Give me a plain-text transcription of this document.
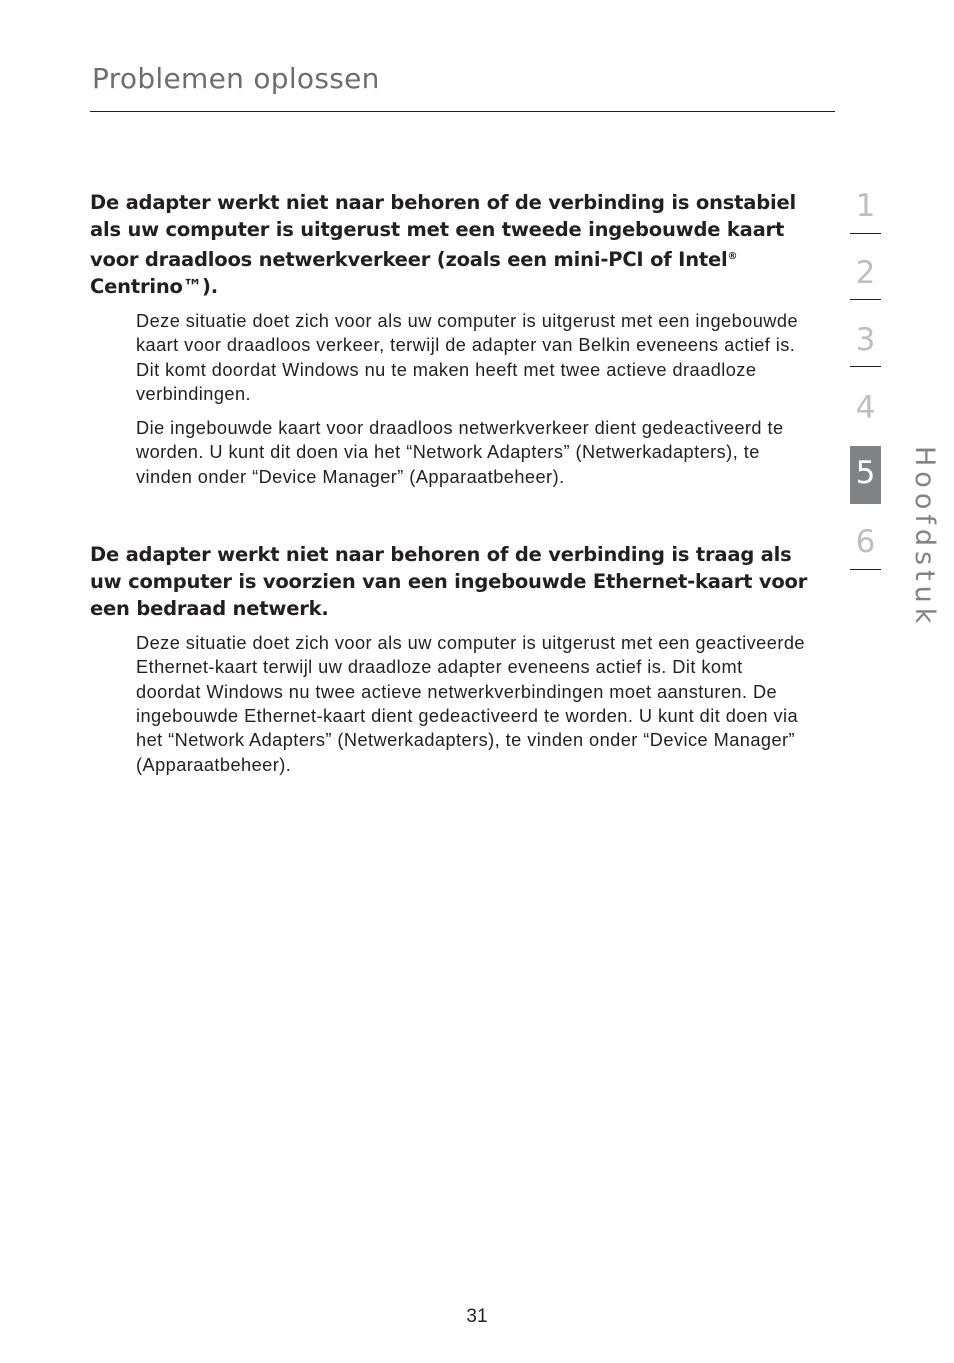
Problemen oplossen
De adapter werkt niet naar behoren of de verbinding is onstabiel als uw computer is uitgerust met een tweede ingebouwde kaart voor draadloos netwerkverkeer (zoals een mini-PCI of Intel® Centrino™).

Deze situatie doet zich voor als uw computer is uitgerust met een ingebouwde kaart voor draadloos verkeer, terwijl de adapter van Belkin eveneens actief is. Dit komt doordat Windows nu te maken heeft met twee actieve draadloze verbindingen.

Die ingebouwde kaart voor draadloos netwerkverkeer dient gedeactiveerd te worden. U kunt dit doen via het “Network Adapters” (Netwerkadapters), te vinden onder “Device Manager” (Apparaatbeheer).

De adapter werkt niet naar behoren of de verbinding is traag als uw computer is voorzien van een ingebouwde Ethernet-kaart voor een bedraad netwerk.

Deze situatie doet zich voor als uw computer is uitgerust met een geactiveerde Ethernet-kaart terwijl uw draadloze adapter eveneens actief is. Dit komt doordat Windows nu twee actieve netwerkverbindingen moet aansturen. De ingebouwde Ethernet-kaart dient gedeactiveerd te worden. U kunt dit doen via het “Network Adapters” (Netwerkadapters), te vinden onder “Device Manager” (Apparaatbeheer).

1
2
3
4
5
6	Hoofdstuk
31
